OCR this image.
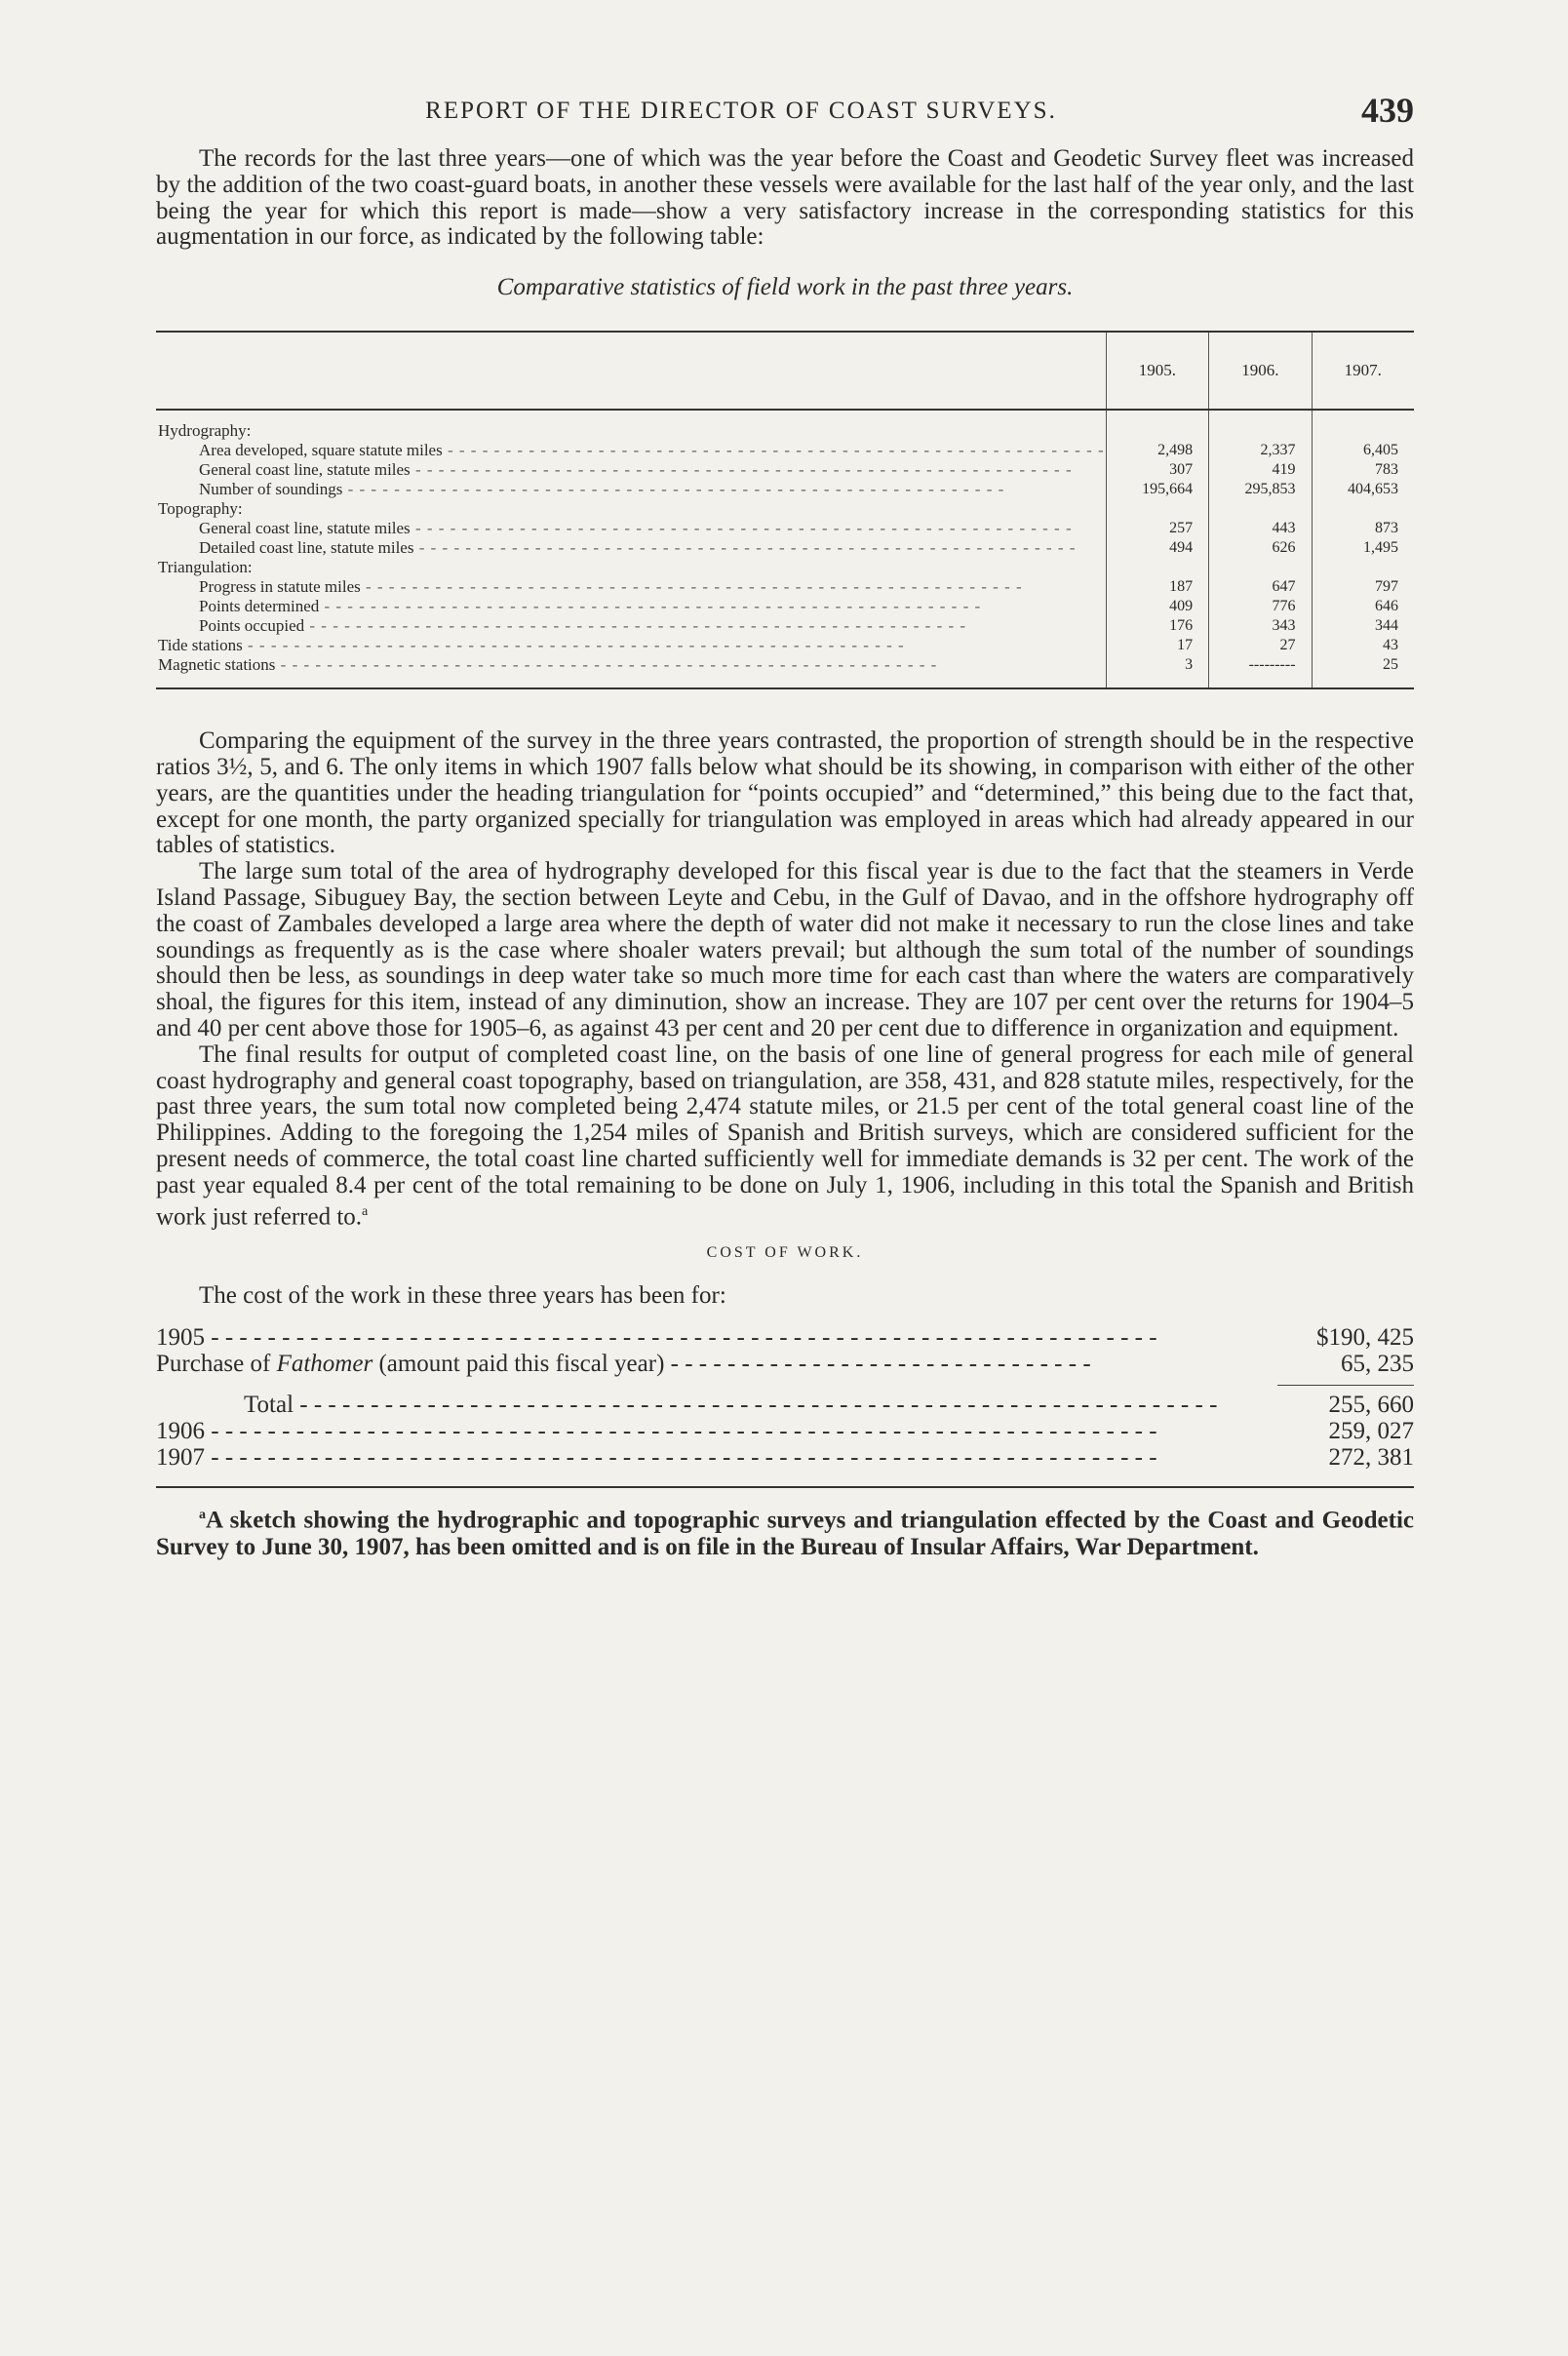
REPORT OF THE DIRECTOR OF COAST SURVEYS.	439

The records for the last three years—one of which was the year before the Coast and Geodetic Survey fleet was increased by the addition of the two coast-guard boats, in another these vessels were available for the last half of the year only, and the last being the year for which this report is made—show a very satisfactory increase in the corresponding statistics for this augmentation in our force, as indicated by the following table:

Comparative statistics of field work in the past three years.
	1905.	1906.	1907.
Hydrography:			
Area developed, square statute miles - - - - - - - - - - - - - - - - - - - - - - - - - - - - - - - - - - - - - - - - - - - - - - - - - - - - - - - - -	2,498	2,337	6,405
General coast line, statute miles - - - - - - - - - - - - - - - - - - - - - - - - - - - - - - - - - - - - - - - - - - - - - - - - - - - - - - - - -	307	419	783
Number of soundings - - - - - - - - - - - - - - - - - - - - - - - - - - - - - - - - - - - - - - - - - - - - - - - - - - - - - - - - -	195,664	295,853	404,653
Topography:			
General coast line, statute miles - - - - - - - - - - - - - - - - - - - - - - - - - - - - - - - - - - - - - - - - - - - - - - - - - - - - - - - - -	257	443	873
Detailed coast line, statute miles - - - - - - - - - - - - - - - - - - - - - - - - - - - - - - - - - - - - - - - - - - - - - - - - - - - - - - - - -	494	626	1,495
Triangulation:			
Progress in statute miles - - - - - - - - - - - - - - - - - - - - - - - - - - - - - - - - - - - - - - - - - - - - - - - - - - - - - - - - -	187	647	797
Points determined - - - - - - - - - - - - - - - - - - - - - - - - - - - - - - - - - - - - - - - - - - - - - - - - - - - - - - - - -	409	776	646
Points occupied - - - - - - - - - - - - - - - - - - - - - - - - - - - - - - - - - - - - - - - - - - - - - - - - - - - - - - - - -	176	343	344
Tide stations - - - - - - - - - - - - - - - - - - - - - - - - - - - - - - - - - - - - - - - - - - - - - - - - - - - - - - - - -	17	27	43
Magnetic stations - - - - - - - - - - - - - - - - - - - - - - - - - - - - - - - - - - - - - - - - - - - - - - - - - - - - - - - - -	3	---------	25

Comparing the equipment of the survey in the three years contrasted, the proportion of strength should be in the respective ratios 3½, 5, and 6. The only items in which 1907 falls below what should be its showing, in comparison with either of the other years, are the quantities under the heading triangulation for “points occupied” and “determined,” this being due to the fact that, except for one month, the party organized specially for triangulation was employed in areas which had already appeared in our tables of statistics.

The large sum total of the area of hydrography developed for this fiscal year is due to the fact that the steamers in Verde Island Passage, Sibuguey Bay, the section between Leyte and Cebu, in the Gulf of Davao, and in the offshore hydrography off the coast of Zambales developed a large area where the depth of water did not make it necessary to run the close lines and take soundings as frequently as is the case where shoaler waters prevail; but although the sum total of the number of soundings should then be less, as soundings in deep water take so much more time for each cast than where the waters are comparatively shoal, the figures for this item, instead of any diminution, show an increase. They are 107 per cent over the returns for 1904–5 and 40 per cent above those for 1905–6, as against 43 per cent and 20 per cent due to difference in organization and equipment.

The final results for output of completed coast line, on the basis of one line of general progress for each mile of general coast hydrography and general coast topography, based on triangulation, are 358, 431, and 828 statute miles, respectively, for the past three years, the sum total now completed being 2,474 statute miles, or 21.5 per cent of the total general coast line of the Philippines. Adding to the foregoing the 1,254 miles of Spanish and British surveys, which are considered sufficient for the present needs of commerce, the total coast line charted sufficiently well for immediate demands is 32 per cent. The work of the past year equaled 8.4 per cent of the total remaining to be done on July 1, 1906, including in this total the Spanish and British work just referred to.$^a$

COST OF WORK.

The cost of the work in these three years has been for:

1905 - - - - - - - - - - - - - - - - - - - - - - - - - - - - - - - - - - - - - - - - - - - - - - - - - - - - - - - - - - - - - - - - - - -	$190, 425
Purchase of Fathomer (amount paid this fiscal year) - - - - - - - - - - - - - - - - - - - - - - - - - - - - - -	65, 235
Total - - - - - - - - - - - - - - - - - - - - - - - - - - - - - - - - - - - - - - - - - - - - - - - - - - - - - - - - - - - - - - - - -	255, 660
1906 - - - - - - - - - - - - - - - - - - - - - - - - - - - - - - - - - - - - - - - - - - - - - - - - - - - - - - - - - - - - - - - - - - -	259, 027
1907 - - - - - - - - - - - - - - - - - - - - - - - - - - - - - - - - - - - - - - - - - - - - - - - - - - - - - - - - - - - - - - - - - - -	272, 381

$^a$A sketch showing the hydrographic and topographic surveys and triangulation effected by the Coast and Geodetic Survey to June 30, 1907, has been omitted and is on file in the Bureau of Insular Affairs, War Department.
